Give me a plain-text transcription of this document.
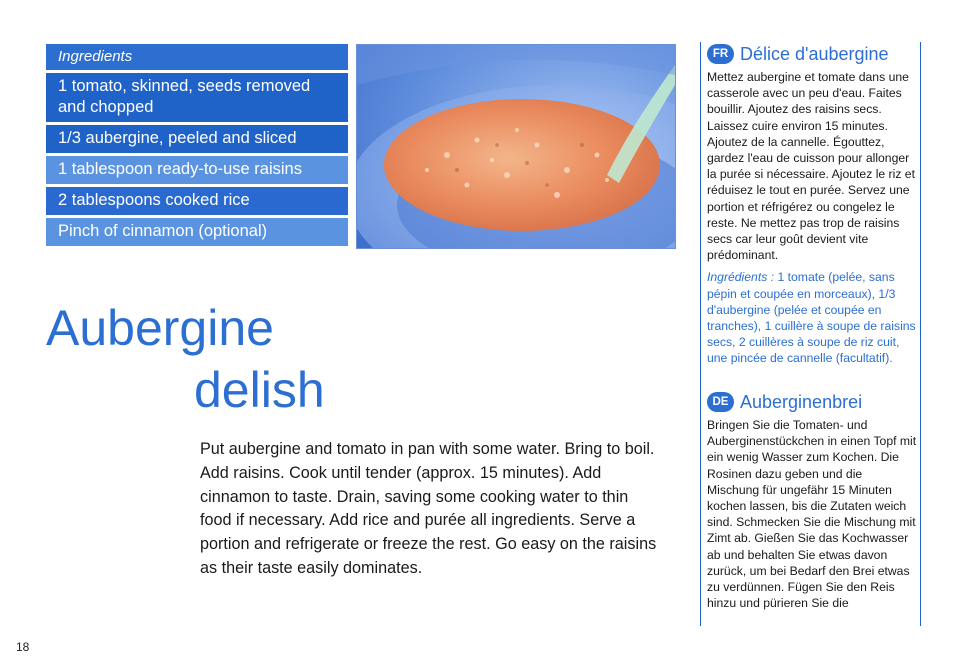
Ingredients
1 tomato, skinned, seeds removed and chopped
1/3 aubergine, peeled and sliced
1 tablespoon ready-to-use raisins
2 tablespoons cooked rice
Pinch of cinnamon (optional)
Aubergine
delish
Put aubergine and tomato in pan with some water. Bring to boil. Add raisins. Cook until tender (approx. 15 minutes). Add cinnamon to taste. Drain, saving some cooking water to thin food if necessary. Add rice and purée all ingredients. Serve a portion and refrigerate or freeze the rest. Go easy on the raisins as their taste easily dominates.
18
FR Délice d'aubergine
Mettez aubergine et tomate dans une casserole avec un peu d'eau. Faites bouillir. Ajoutez des raisins secs. Laissez cuire environ 15 minutes. Ajoutez de la cannelle. Égouttez, gardez l'eau de cuisson pour allonger la purée si nécessaire. Ajoutez le riz et réduisez le tout en purée. Servez une portion et réfrigérez ou congelez le reste. Ne mettez pas trop de raisins secs car leur goût devient vite prédominant.
Ingrédients : 1 tomate (pelée, sans pépin et coupée en morceaux), 1/3 d'aubergine (pelée et coupée en tranches), 1 cuillère à soupe de raisins secs, 2 cuillères à soupe de riz cuit, une pincée de cannelle (facultatif).
DE Auberginenbrei
Bringen Sie die Tomaten- und Auberginenstückchen in einen Topf mit ein wenig Wasser zum Kochen. Die Rosinen dazu geben und die Mischung für ungefähr 15 Minuten kochen lassen, bis die Zutaten weich sind. Schmecken Sie die Mischung mit Zimt ab. Gießen Sie das Kochwasser ab und behalten Sie etwas davon zurück, um bei Bedarf den Brei etwas zu verdünnen. Fügen Sie den Reis hinzu und pürieren Sie die
